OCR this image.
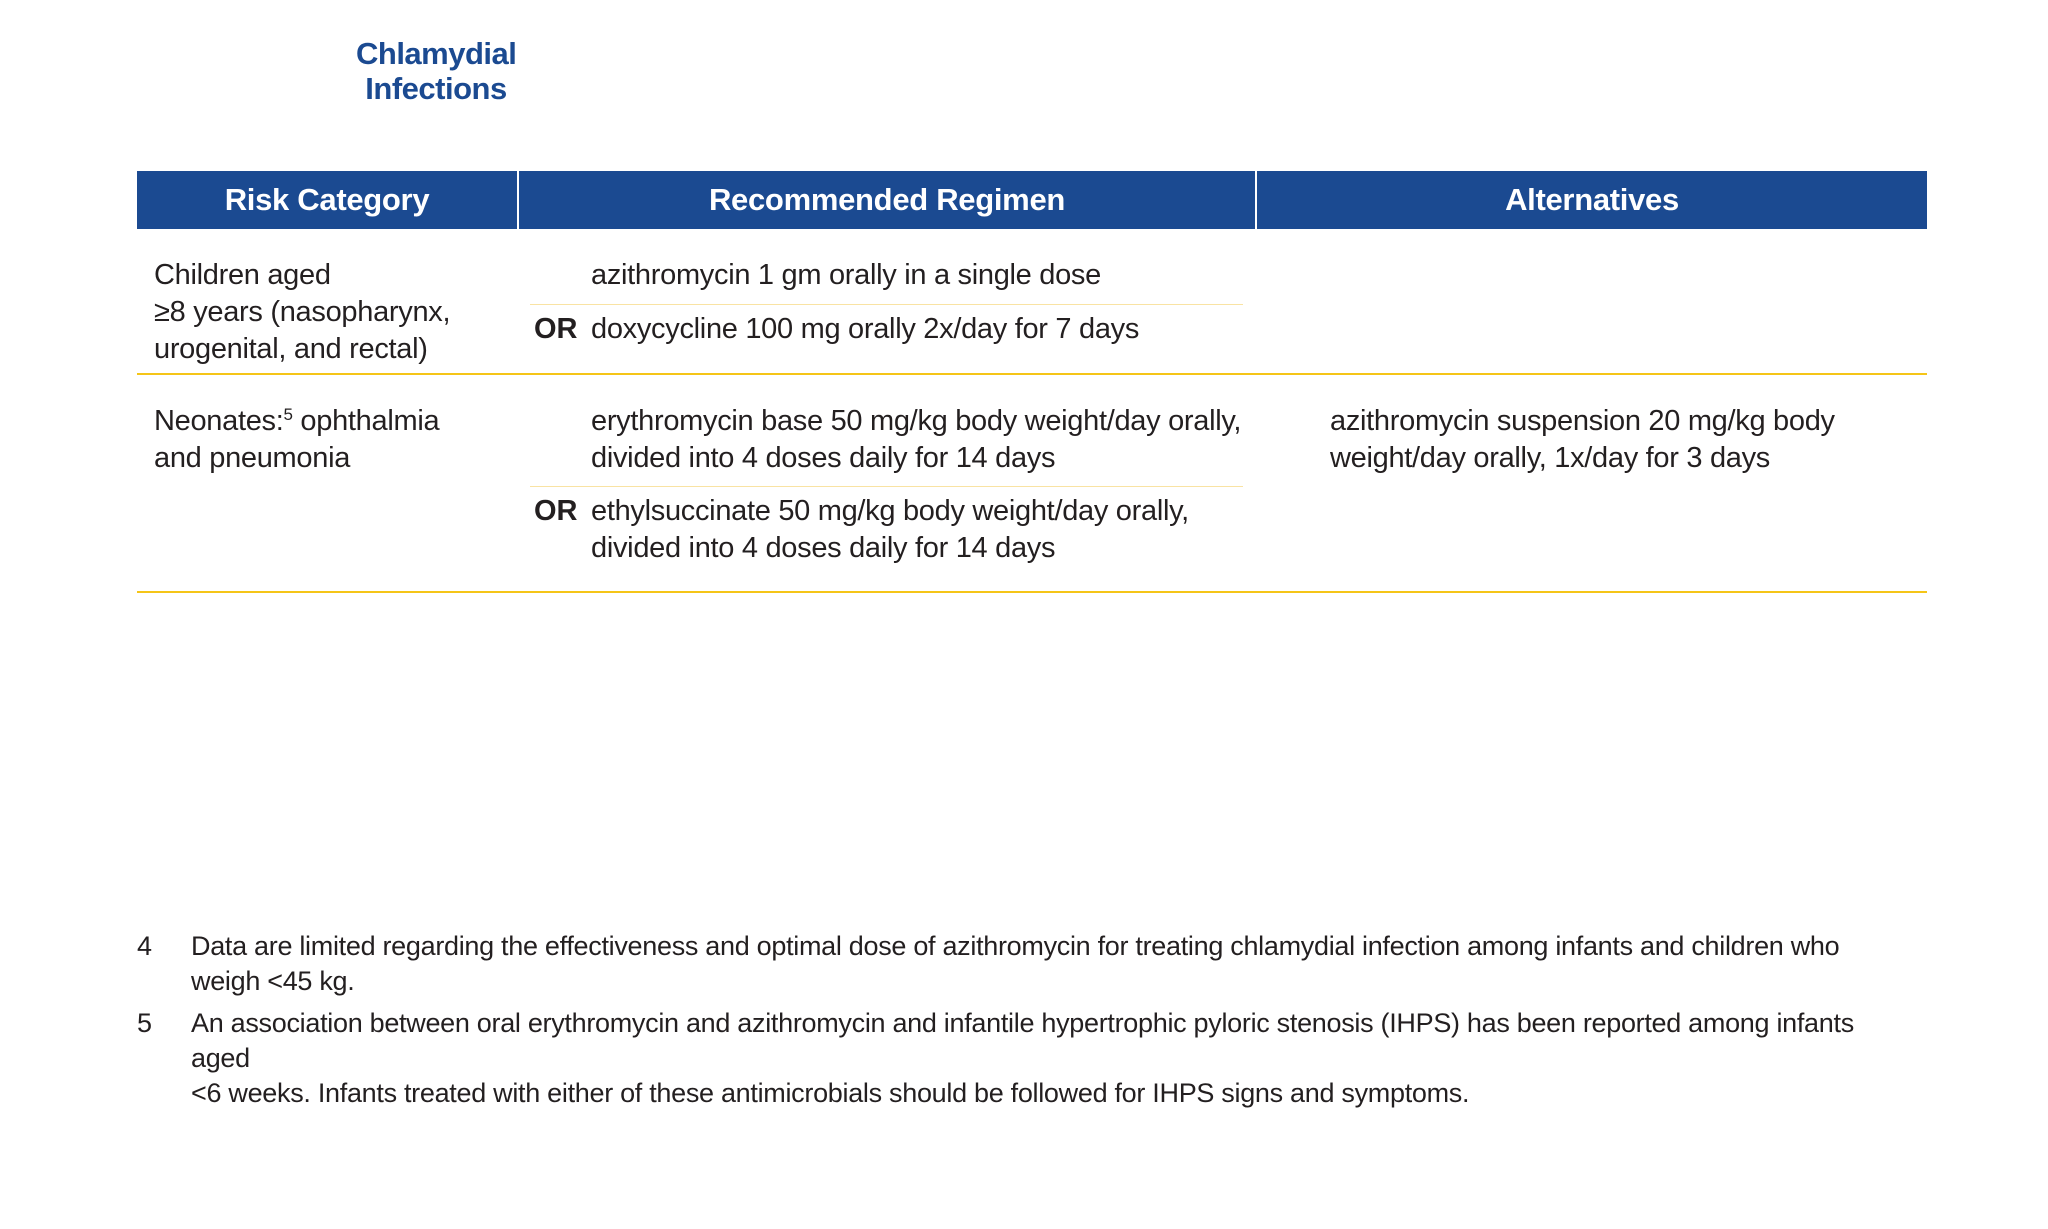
Chlamydial
Infections
Risk Category	Recommended Regimen	Alternatives
Children aged
≥8 years (nasopharynx,
urogenital, and rectal)
azithromycin 1 gm orally in a single dose
OR doxycycline 100 mg orally 2x/day for 7 days
Neonates:$^5$ ophthalmia
and pneumonia
erythromycin base 50 mg/kg body weight/day orally,
divided into 4 doses daily for 14 days
OR ethylsuccinate 50 mg/kg body weight/day orally,
divided into 4 doses daily for 14 days
azithromycin suspension 20 mg/kg body
weight/day orally, 1x/day for 3 days
4 Data are limited regarding the effectiveness and optimal dose of azithromycin for treating chlamydial infection among infants and children who
weigh <45 kg.
5 An association between oral erythromycin and azithromycin and infantile hypertrophic pyloric stenosis (IHPS) has been reported among infants aged
<6 weeks. Infants treated with either of these antimicrobials should be followed for IHPS signs and symptoms.
